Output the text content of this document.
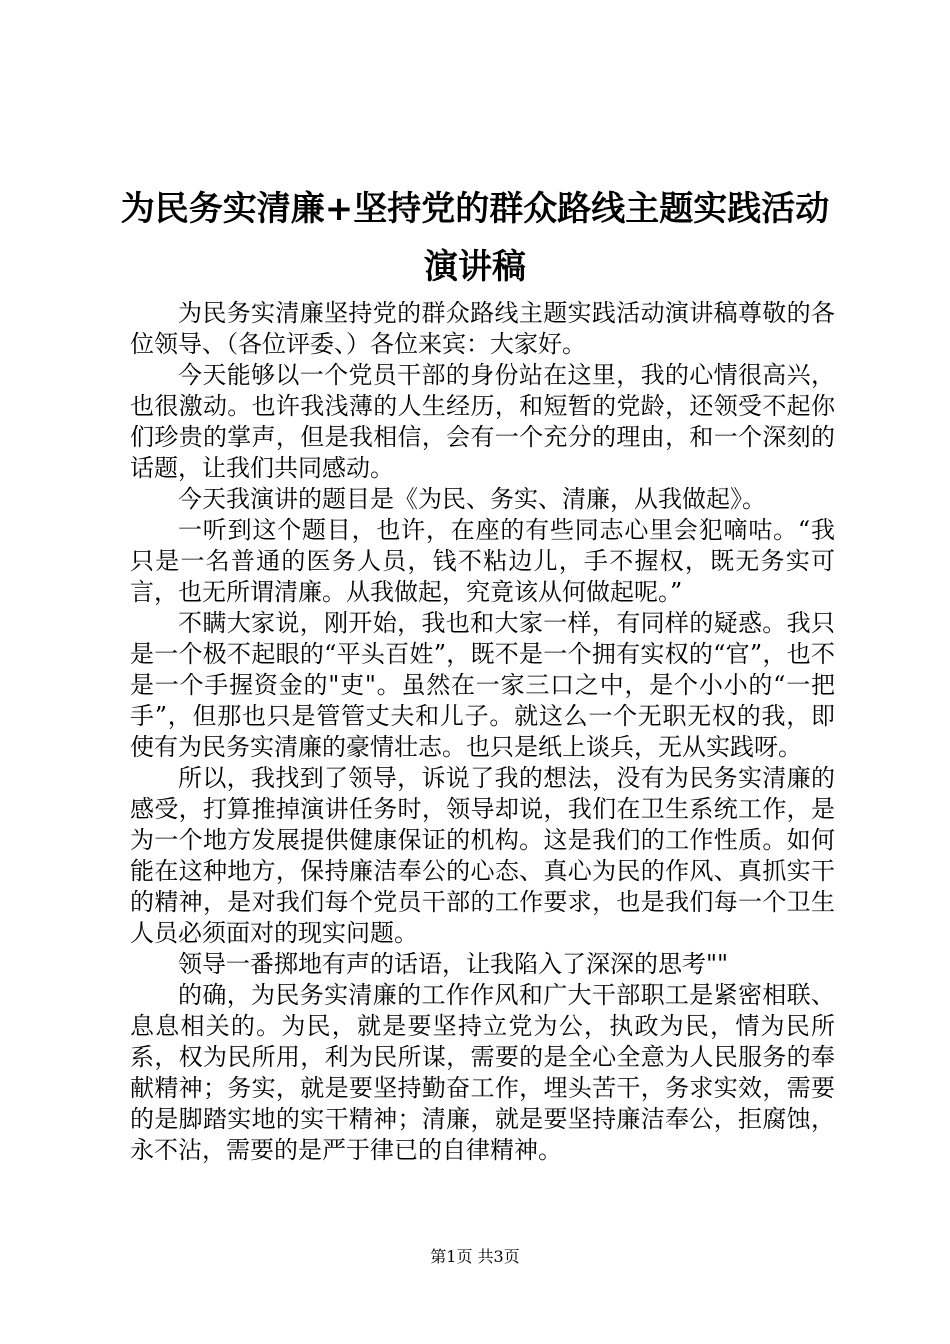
为民务实清廉+坚持党的群众路线主题实践活动演讲稿

为民务实清廉坚持党的群众路线主题实践活动演讲稿尊敬的各位领导、（各位评委、）各位来宾：大家好。

今天能够以一个党员干部的身份站在这里，我的心情很高兴，也很激动。也许我浅薄的人生经历，和短暂的党龄，还领受不起你们珍贵的掌声，但是我相信，会有一个充分的理由，和一个深刻的话题，让我们共同感动。

今天我演讲的题目是《为民、务实、清廉，从我做起》。

一听到这个题目，也许，在座的有些同志心里会犯嘀咕。“我只是一名普通的医务人员，钱不粘边儿，手不握权，既无务实可言，也无所谓清廉。从我做起，究竟该从何做起呢。”

不瞒大家说，刚开始，我也和大家一样，有同样的疑惑。我只是一个极不起眼的“平头百姓”，既不是一个拥有实权的“官”，也不是一个手握资金的"吏"。虽然在一家三口之中，是个小小的“一把手”，但那也只是管管丈夫和儿子。就这么一个无职无权的我，即使有为民务实清廉的豪情壮志。也只是纸上谈兵，无从实践呀。

所以，我找到了领导，诉说了我的想法，没有为民务实清廉的感受，打算推掉演讲任务时，领导却说，我们在卫生系统工作，是为一个地方发展提供健康保证的机构。这是我们的工作性质。如何能在这种地方，保持廉洁奉公的心态、真心为民的作风、真抓实干的精神，是对我们每个党员干部的工作要求，也是我们每一个卫生人员必须面对的现实问题。

领导一番掷地有声的话语，让我陷入了深深的思考""

的确，为民务实清廉的工作作风和广大干部职工是紧密相联、息息相关的。为民，就是要坚持立党为公，执政为民，情为民所系，权为民所用，利为民所谋，需要的是全心全意为人民服务的奉献精神；务实，就是要坚持勤奋工作，埋头苦干，务求实效，需要的是脚踏实地的实干精神；清廉，就是要坚持廉洁奉公，拒腐蚀，永不沾，需要的是严于律已的自律精神。

第1页 共3页
